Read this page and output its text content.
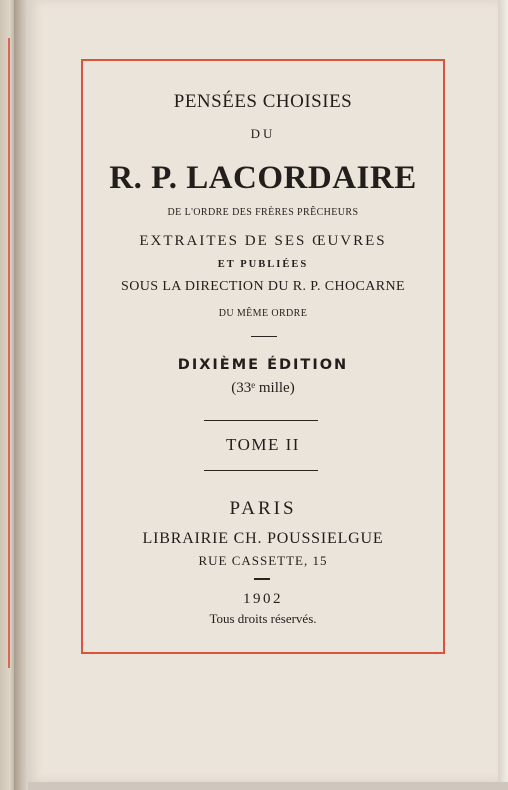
PENSÉES CHOISIES
DU
R. P. LACORDAIRE
DE L'ORDRE DES FRÈRES PRÊCHEURS
EXTRAITES DE SES ŒUVRES
ET PUBLIÉES
SOUS LA DIRECTION DU R. P. CHOCARNE
DU MÊME ORDRE
DIXIÈME ÉDITION
(33ᵉ mille)
TOME II
PARIS
LIBRAIRIE CH. POUSSIELGUE
RUE CASSETTE, 15
1902
Tous droits réservés.
